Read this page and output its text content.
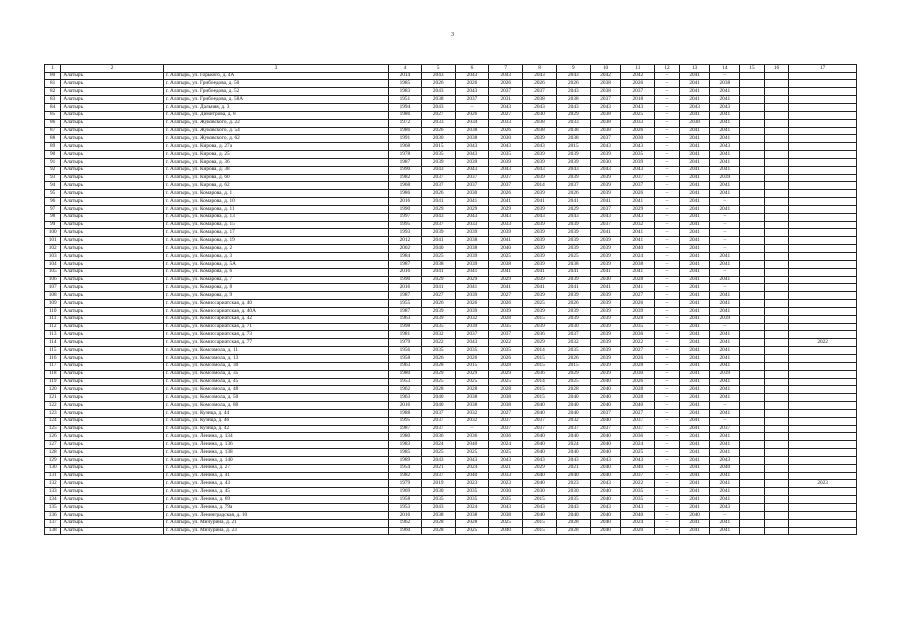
3
1	2	3	4	5	6	7	8	9	10	11	12	13	14	15	16	17
80	Алатырь	г. Алатырь, ул. Горького, д. 4А	2014	2043	2043	2043	2043	2043	2042	2042	–	2041	–			
81	Алатырь	г. Алатырь, ул. Грибоедова, д. 50	1985	2026	2026	2026	2026	2026	2038	2026	–	2041	2038			
82	Алатырь	г. Алатырь, ул. Грибоедова, д. 52	1983	2043	2043	2037	2037	2043	2038	2037	–	2041	2041			
83	Алатырь	г. Алатырь, ул. Грибоедова, д. 58А	1951	2038	2037	2031	2038	2038	2037	2018	–	2041	2041			
84	Алатырь	г. Алатырь, ул. Дальняя, д. 3	1994	2043	–	2043	2043	2043	2043	2043	–	2043	2043			
85	Алатырь	г. Алатырь, ул. Димитрова, д. 8	1986	2027	2026	2027	2030	2029	2038	2025	–	2041	2041			
86	Алатырь	г. Алатырь, ул. Жуковского, д. 22	1972	2033	2034	2033	2038	2033	2038	2033	–	2038	2041			
87	Алатырь	г. Алатырь, ул. Жуковского, д. 54	1986	2026	2038	2026	2038	2038	2038	2026	–	2041	2041			
88	Алатырь	г. Алатырь, ул. Жуковского, д. 62	1991	2030	2038	2030	2039	2038	2037	2030	–	2041	2041			
89	Алатырь	г. Алатырь, ул. Кирова, д. 27а	1968	2015	2043	2043	2043	2015	2043	2043	–	2041	2043			
90	Алатырь	г. Алатырь, ул. Кирова, д. 25	1978	2035	2043	2035	2039	2039	2039	2035	–	2041	2041			
91	Алатырь	г. Алатырь, ул. Кирова, д. 36	1987	2039	2039	2039	2039	2039	2030	2039	–	2041	2041			
92	Алатырь	г. Алатырь, ул. Кирова, д. 38	1990	2043	2043	2043	2043	2043	2043	2043	–	2041	2041			
93	Алатырь	г. Алатырь, ул. Кирова, д. 60	1982	2037	2037	2037	2039	2039	2039	2037	–	2041	2039			
94	Алатырь	г. Алатырь, ул. Кирова, д. 62	1968	2037	2037	2037	2014	2037	2039	2037	–	2041	2041			
95	Алатырь	г. Алатырь, ул. Комарова, д. 1	1986	2026	2030	2026	2039	2026	2039	2026	–	2041	2041			
96	Алатырь	г. Алатырь, ул. Комарова, д. 10	2016	2041	2041	2041	2041	2041	2041	2041	–	2041	–			
97	Алатырь	г. Алатырь, ул. Комарова, д. 11	1990	2029	2029	2029	2039	2029	2037	2029	–	2041	2041			
98	Алатырь	г. Алатырь, ул. Комарова, д. 13	1997	2043	2043	2043	2043	2043	2043	2043	–	2041	–			
99	Алатырь	г. Алатырь, ул. Комарова, д. 15	1995	2037	2033	2033	2039	2039	2037	2032	–	2041	–			
100	Алатырь	г. Алатырь, ул. Комарова, д. 17	1993	2039	2039	2039	2039	2039	2041	2041	–	2041	–			
101	Алатырь	г. Алатырь, ул. Комарова, д. 19	2012	2041	2038	2041	2039	2039	2039	2041	–	2041	–			
102	Алатырь	г. Алатырь, ул. Комарова, д. 2	2002	2040	2038	2040	2039	2039	2039	2040	–	2041	–			
103	Алатырь	г. Алатырь, ул. Комарова, д. 3	1984	2025	2039	2025	2039	2025	2039	2024	–	2041	2041			
104	Алатырь	г. Алатырь, ул. Комарова, д. 5А	1987	2038	2039	2038	2039	2038	2039	2038	–	2041	2041			
105	Алатырь	г. Алатырь, ул. Комарова, д. 6	2016	2041	2041	2041	2041	2041	2041	2041	–	2041	–			
106	Алатырь	г. Алатырь, ул. Комарова, д. 7	1990	2029	2029	2029	2039	2039	2030	2028	–	2041	2041			
107	Алатырь	г. Алатырь, ул. Комарова, д. 8	2016	2041	2041	2041	2041	2041	2041	2041	–	2041	–			
108	Алатырь	г. Алатырь, ул. Комарова, д. 9	1987	2027	2039	2027	2039	2039	2039	2027	–	2041	2041			
109	Алатырь	г. Алатырь, ул. Комиссариатская, д. 40	1955	2026	2026	2026	2025	2026	2039	2026	–	2041	2041			
110	Алатырь	г. Алатырь, ул. Комиссариатская, д. 40А	1987	2039	2039	2039	2039	2039	2039	2039	–	2041	2041			
111	Алатырь	г. Алатырь, ул. Комиссариатская, д. 42	1963	2039	2032	2028	2015	2039	2039	2028	–	2041	2039			
112	Алатырь	г. Алатырь, ул. Комиссариатская, д. 71	1998	2035	2039	2035	2039	2030	2039	2035	–	2041	–			
113	Алатырь	г. Алатырь, ул. Комиссариатская, д. 73	1981	2032	2037	2037	2036	2037	2039	2036	–	2041	2041			
114	Алатырь	г. Алатырь, ул. Комиссариатская, д. 77	1979	2022	2043	2022	2029	2032	2039	2022	–	2041	2041			2022
115	Алатырь	г. Алатырь, ул. Комсомола, д. 11	1956	2035	2035	2035	2014	2035	2039	2027	–	2041	2041			
116	Алатырь	г. Алатырь, ул. Комсомола, д. 13	1958	2026	2026	2026	2015	2026	2039	2026	–	2041	2041			
117	Алатырь	г. Алатырь, ул. Комсомола, д. 30	1963	2028	2015	2028	2015	2015	2039	2028	–	2041	2041			
118	Алатырь	г. Алатырь, ул. Комсомола, д. 35	1980	2029	2029	2029	2036	2029	2039	2030	–	2041	2039			
119	Алатырь	г. Алатырь, ул. Комсомола, д. 45	1953	2025	2025	2025	2014	2025	2040	2026	–	2041	2041			
120	Алатырь	г. Алатырь, ул. Комсомола, д. 48	1962	2028	2028	2028	2015	2028	2040	2028	–	2041	2041			
121	Алатырь	г. Алатырь, ул. Комсомола, д. 50	1963	2040	2038	2038	2015	2040	2040	2028	–	2041	2041			
122	Алатырь	г. Алатырь, ул. Комсомола, д. 80	2016	2040	2038	2038	2040	2040	2040	2040	–	2041	–			
123	Алатырь	г. Алатырь, ул. Кузнца, д. 44	1988	2037	2032	2027	2040	2040	2037	2027	–	2041	2041			
124	Алатырь	г. Алатырь, ул. Кузнца, д. 46	1995	2037	2032	2037	2037	2032	2040	2037	–	2041	–			
125	Алатырь	г. Алатырь, ул. Кузнца, д. 42	1987	2037	–	2037	2037	2037	2037	2037	–	2041	2037			
126	Алатырь	г. Алатырь, ул. Ленина, д. 134	1980	2036	2036	2036	2040	2040	2040	2036	–	2041	2041			
127	Алатырь	г. Алатырь, ул. Ленина, д. 136	1983	2024	2040	2024	2040	2024	2040	2024	–	2041	2041			
128	Алатырь	г. Алатырь, ул. Ленина, д. 138	1985	2025	2025	2025	2040	2040	2040	2025	–	2041	2041			
129	Алатырь	г. Алатырь, ул. Ленина, д. 140	1989	2043	2043	2043	2043	2043	2043	2043	–	2041	2043			
130	Алатырь	г. Алатырь, ул. Ленина, д. 27	1954	2021	2024	2021	2029	2021	2040	2040	–	2041	2040			
131	Алатырь	г. Алатырь, ул. Ленина, д. 41	1982	2037	2040	2033	2040	2040	2040	2037	–	2041	2041			
132	Алатырь	г. Алатырь, ул. Ленина, д. 43	1979	2019	2023	2023	2040	2023	2043	2022	–	2041	2041			2023
133	Алатырь	г. Алатырь, ул. Ленина, д. 45	1969	2030	2035	2030	2030	2030	2040	2035	–	2041	2041			
134	Алатырь	г. Алатырь, ул. Ленина, д. 69	1958	2035	2035	2035	2015	2035	2040	2035	–	2041	2041			
135	Алатырь	г. Алатырь, ул. Ленина, д. 79а	1953	2043	2024	2043	2043	2043	2043	2043	–	2041	2043			
136	Алатырь	г. Алатырь, ул. Ленинградская, д. 10	2016	2038	2038	2038	2040	2040	2040	2040	–	2040	–			
137	Алатырь	г. Алатырь, ул. Мичурина, д. 21	1962	2028	2028	2025	2015	2028	2040	2024	–	2041	2041			
138	Алатырь	г. Алатырь, ул. Мичурина, д. 23	1960	2028	2025	2040	2015	2028	2040	2020	–	2041	2041			
